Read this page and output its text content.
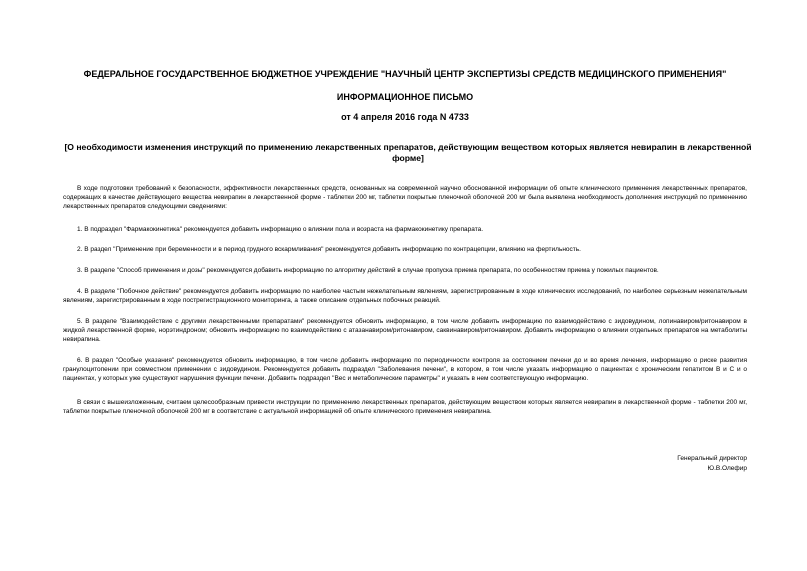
ФЕДЕРАЛЬНОЕ ГОСУДАРСТВЕННОЕ БЮДЖЕТНОЕ УЧРЕЖДЕНИЕ "НАУЧНЫЙ ЦЕНТР ЭКСПЕРТИЗЫ СРЕДСТВ МЕДИЦИНСКОГО ПРИМЕНЕНИЯ"
ИНФОРМАЦИОННОЕ ПИСЬМО
от 4 апреля 2016 года N 4733
[О необходимости изменения инструкций по применению лекарственных препаратов, действующим веществом которых является невирапин в лекарственной форме]
В ходе подготовки требований к безопасности, эффективности лекарственных средств, основанных на современной научно обоснованной информации об опыте клинического применения лекарственных препаратов, содержащих в качестве действующего вещества невирапин в лекарственной форме - таблетки 200 мг, таблетки покрытые пленочной оболочкой 200 мг была выявлена необходимость дополнения инструкций по применению лекарственных препаратов следующими сведениями:
1. В подраздел "Фармакокинетика" рекомендуется добавить информацию о влиянии пола и возраста на фармакокинетику препарата.
2. В раздел "Применение при беременности и в период грудного вскармливания" рекомендуется добавить информацию по контрацепции, влиянию на фертильность.
3. В разделе "Способ применения и дозы" рекомендуется добавить информацию по алгоритму действий в случае пропуска приема препарата, по особенностям приема у пожилых пациентов.
4. В разделе "Побочное действие" рекомендуется добавить информацию по наиболее частым нежелательным явлениям, зарегистрированным в ходе клинических исследований, по наиболее серьезным нежелательным явлениям, зарегистрированным в ходе пострегистрационного мониторинга, а также описание отдельных побочных реакций.
5. В разделе "Взаимодействие с другими лекарственными препаратами" рекомендуется обновить информацию, в том числе добавить информацию по взаимодействию с зидовудином, лопинавиром/ритонавиром в жидкой лекарственной форме, норэтиндроном; обновить информацию по взаимодействию с атазанавиром/ритонавиром, саквинавиром/ритонавиром. Добавить информацию о влиянии отдельных препаратов на метаболиты невирапина.
6. В раздел "Особые указания" рекомендуется обновить информацию, в том числе добавить информацию по периодичности контроля за состоянием печени до и во время лечения, информацию о риске развития гранулоцитопении при совместном применении с зидовудином. Рекомендуется добавить подраздел "Заболевания печени", в котором, в том числе указать информацию о пациентах с хроническим гепатитом В и С и о пациентах, у которых уже существуют нарушения функции печени. Добавить подраздел "Вес и метаболические параметры" и указать в нем соответствующую информацию.
В связи с вышеизложенным, считаем целесообразным привести инструкции по применению лекарственных препаратов, действующим веществом которых является невирапин в лекарственной форме - таблетки 200 мг, таблетки покрытые пленочной оболочкой 200 мг в соответствие с актуальной информацией об опыте клинического применения невирапина.
Генеральный директор
Ю.В.Олефир
